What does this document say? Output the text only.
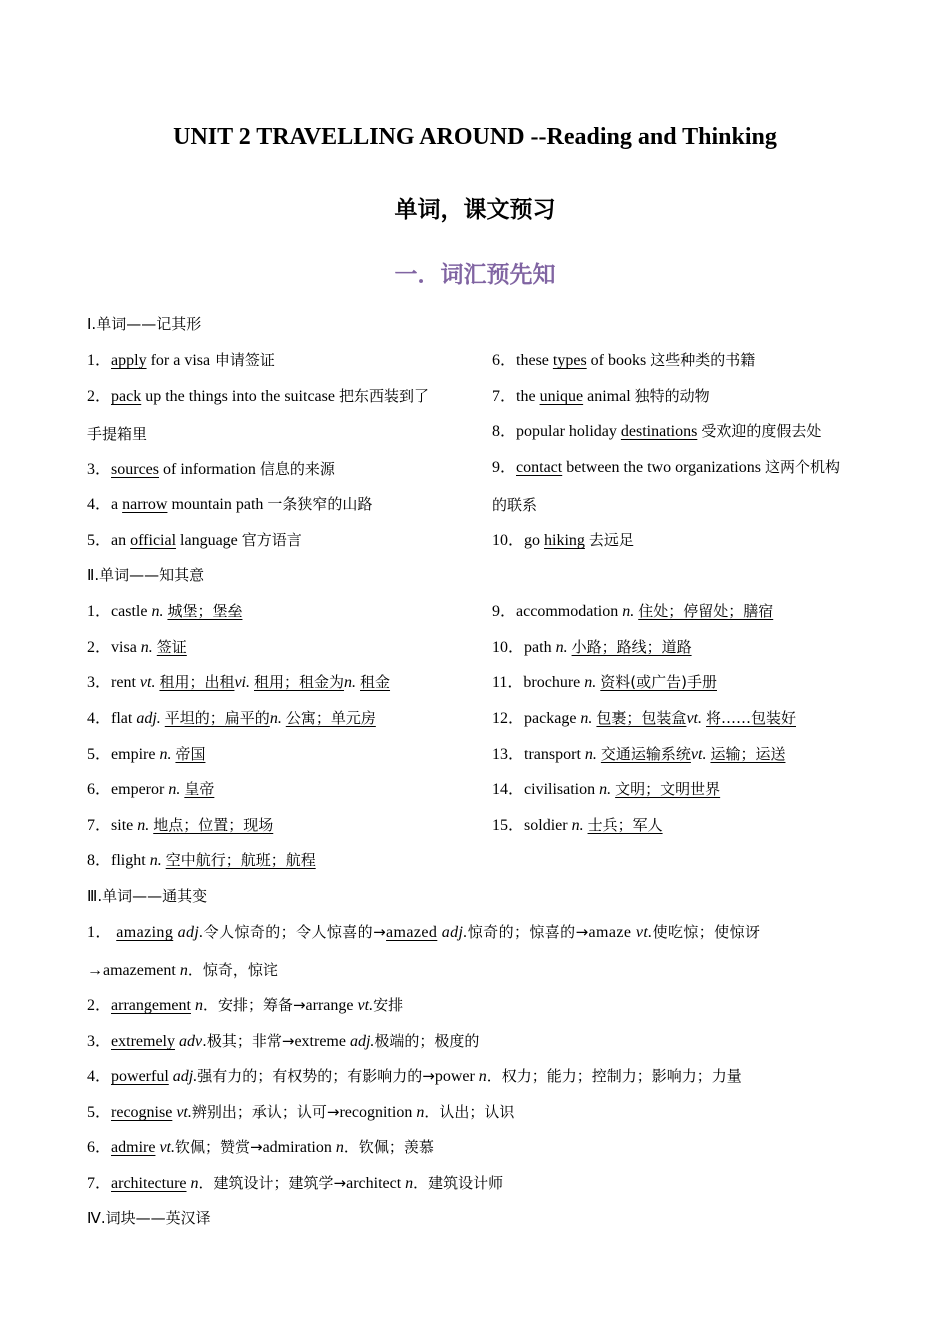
UNIT 2 TRAVELLING AROUND --Reading and Thinking
单词，课文预习
一．词汇预先知
Ⅰ.单词——记其形
1．apply for a visa 申请签证
2．pack up the things into the suitcase 把东西装到了
手提箱里
3．sources of information 信息的来源
4．a narrow mountain path 一条狭窄的山路
5．an official language 官方语言
6．these types of books 这些种类的书籍
7．the unique animal 独特的动物
8．popular holiday destinations 受欢迎的度假去处
9．contact between the two organizations 这两个机构
的联系
10．go hiking 去远足
Ⅱ.单词——知其意
1．castle n. 城堡；堡垒
2．visa n. 签证
3．rent vt. 租用；出租vi. 租用；租金为n. 租金
4．flat adj. 平坦的；扁平的n. 公寓；单元房
5．empire n. 帝国
6．emperor n. 皇帝
7．site n. 地点；位置；现场
8．flight n. 空中航行；航班；航程
9．accommodation n. 住处；停留处；膳宿
10．path n. 小路；路线；道路
11．brochure n. 资料(或广告)手册
12．package n. 包裹；包装盒vt. 将……包装好
13．transport n. 交通运输系统vt. 运输；运送
14．civilisation n. 文明；文明世界
15．soldier n. 士兵；军人
Ⅲ.单词——通其变
1． amazing adj.令人惊奇的；令人惊喜的→amazed adj.惊奇的；惊喜的→amaze vt.使吃惊；使惊讶
→amazement n．惊奇，惊诧
2．arrangement n．安排；筹备→arrange vt.安排
3．extremely adv.极其；非常→extreme adj.极端的；极度的
4．powerful adj.强有力的；有权势的；有影响力的→power n．权力；能力；控制力；影响力；力量
5．recognise vt.辨别出；承认；认可→recognition n．认出；认识
6．admire vt.钦佩；赞赏→admiration n．钦佩；羡慕
7．architecture n．建筑设计；建筑学→architect n．建筑设计师
Ⅳ.词块——英汉译
